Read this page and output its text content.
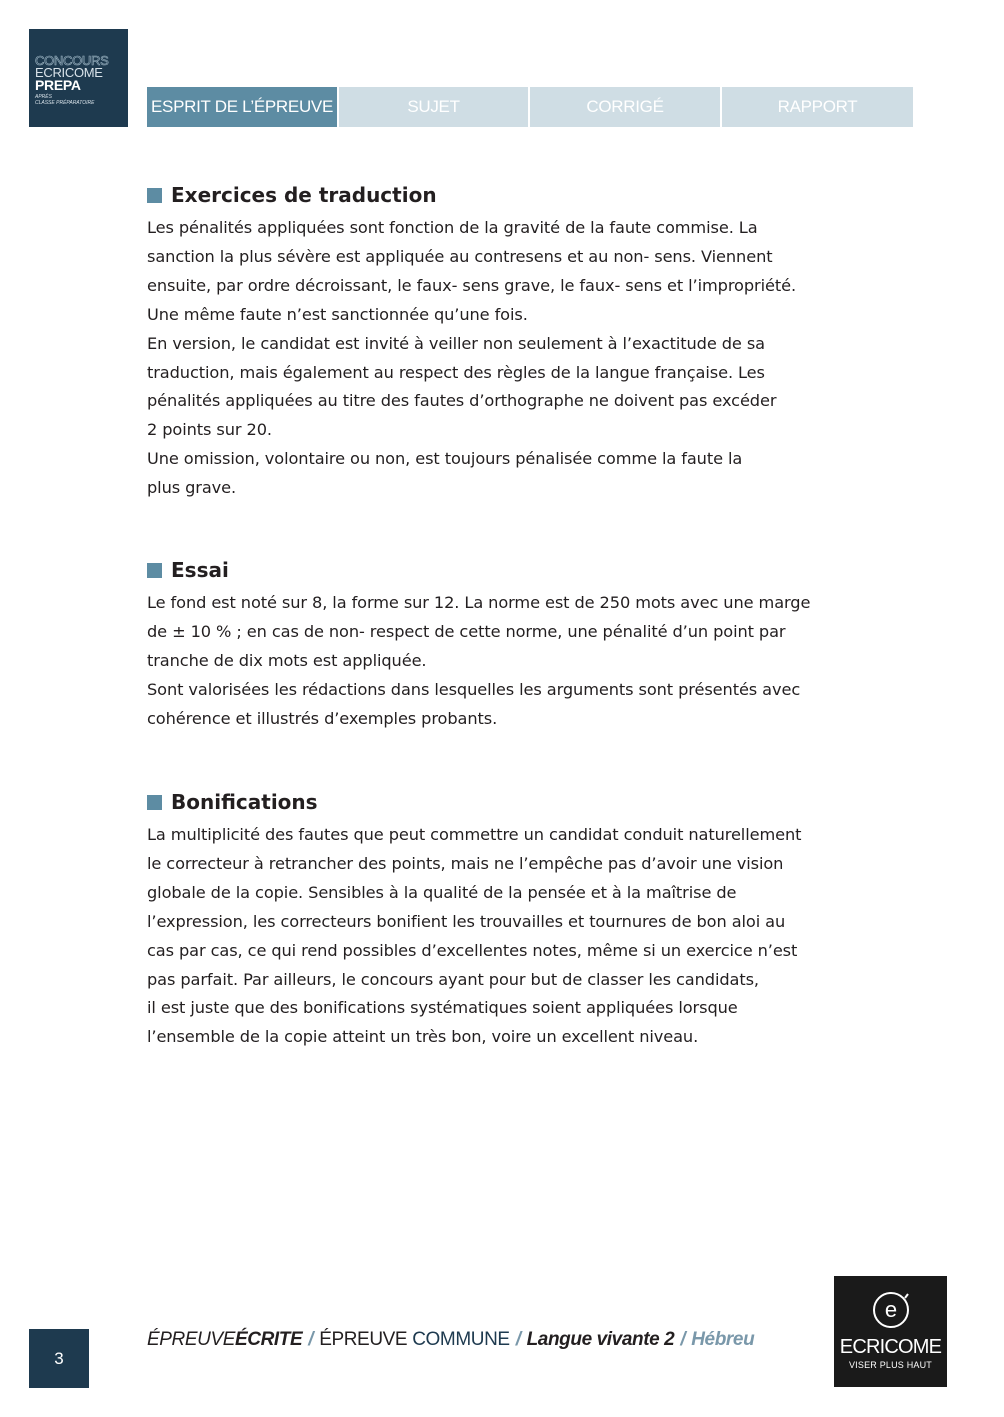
CONCOURS
ECRICOME
PREPA
APRÈS
CLASSE PRÉPARATOIRE	ESPRIT DE L’ÉPREUVE	SUJET	CORRIGÉ	RAPPORT
Exercices de traduction
Les pénalités appliquées sont fonction de la gravité de la faute commise. La
sanction la plus sévère est appliquée au contresens et au non- sens. Viennent
ensuite, par ordre décroissant, le faux- sens grave, le faux- sens et l’impropriété.
Une même faute n’est sanctionnée qu’une fois.
En version, le candidat est invité à veiller non seulement à l’exactitude de sa
traduction, mais également au respect des règles de la langue française. Les
pénalités appliquées au titre des fautes d’orthographe ne doivent pas excéder
2 points sur 20.
Une omission, volontaire ou non, est toujours pénalisée comme la faute la
plus grave.
Essai
Le fond est noté sur 8, la forme sur 12. La norme est de 250 mots avec une marge
de ± 10 % ; en cas de non- respect de cette norme, une pénalité d’un point par
tranche de dix mots est appliquée.
Sont valorisées les rédactions dans lesquelles les arguments sont présentés avec
cohérence et illustrés d’exemples probants.
Bonifications
La multiplicité des fautes que peut commettre un candidat conduit naturellement
le correcteur à retrancher des points, mais ne l’empêche pas d’avoir une vision
globale de la copie. Sensibles à la qualité de la pensée et à la maîtrise de
l’expression, les correcteurs bonifient les trouvailles et tournures de bon aloi au
cas par cas, ce qui rend possibles d’excellentes notes, même si un exercice n’est
pas parfait. Par ailleurs, le concours ayant pour but de classer les candidats,
il est juste que des bonifications systématiques soient appliquées lorsque
l’ensemble de la copie atteint un très bon, voire un excellent niveau.
3
ÉPREUVE ÉCRITE / ÉPREUVE COMMUNE / Langue vivante 2 / Hébreu
e
ECRICOME
VISER PLUS HAUT
